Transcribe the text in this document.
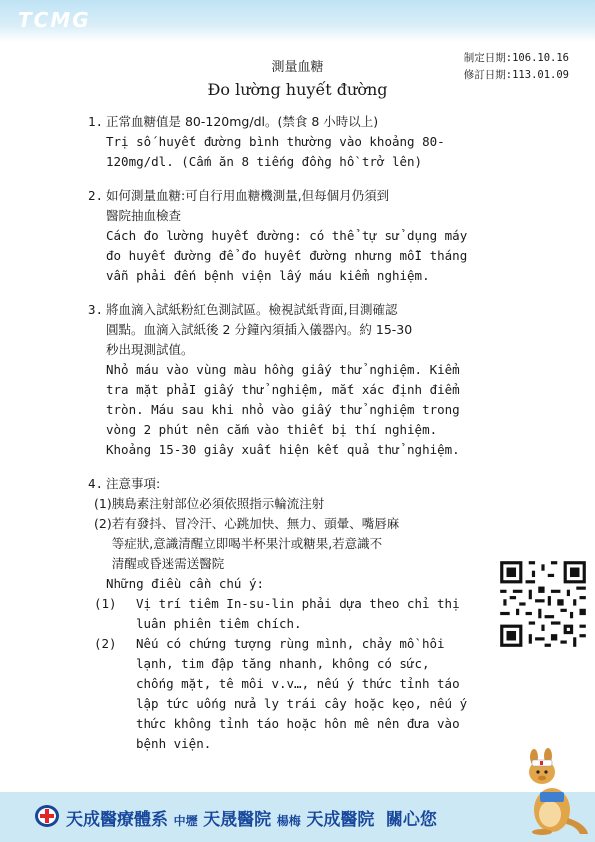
TCMG
制定日期:106.10.16
修訂日期:113.01.09
測量血糖
Đo lường huyết đường
1. 正常血糖值是 80-120mg/dl。(禁食 8 小時以上)
Trị số huyết đường bình thường vào khoảng 80-
120mg/dl. (Cấm ăn 8 tiếng đồng hồ trở lên)
2. 如何測量血糖:可自行用血糖機測量,但每個月仍須到
醫院抽血檢查
Cách đo lường huyết đường: có thể tự sử dụng máy
đo huyết đường để đo huyết đường nhưng mỗI tháng
vẫn phải đến bệnh viện lấy máu kiểm nghiệm.
3. 將血滴入試紙粉紅色測試區。檢視試紙背面,目測確認
圓點。血滴入試紙後 2 分鐘內須插入儀器內。約 15-30
秒出現測試值。
Nhỏ máu vào vùng màu hồng giấy thử nghiệm. Kiểm
tra mặt phảI giấy thử nghiệm, mắt xác định điểm
tròn. Máu sau khi nhỏ vào giấy thử nghiệm trong
vòng 2 phút nên cắm vào thiết bị thí nghiệm.
Khoảng 15-30 giây xuất hiện kết quả thử nghiệm.
4. 注意事項:
(1) 胰島素注射部位必須依照指示輪流注射
(2) 若有發抖、冒冷汗、心跳加快、無力、頭暈、嘴唇麻
等症狀,意識清醒立即喝半杯果汁或糖果,若意識不
清醒或昏迷需送醫院
Những điều cần chú ý:
(1)	Vị trí tiêm In-su-lin phải dựa theo chỉ thị
luân phiên tiêm chích.
(2)	Nếu có chứng tượng rùng mình, chảy mồ hôi
lạnh, tim đập tăng nhanh, không có sức,
chống mặt, tê môi v.v…, nếu ý thức tỉnh táo
lập tức uống nửa ly trái cây hoặc kẹo, nếu ý
thức không tỉnh táo hoặc hôn mê nên đưa vào
bệnh viện.
天成醫療體系 中壢 天晟醫院 楊梅 天成醫院 關心您
